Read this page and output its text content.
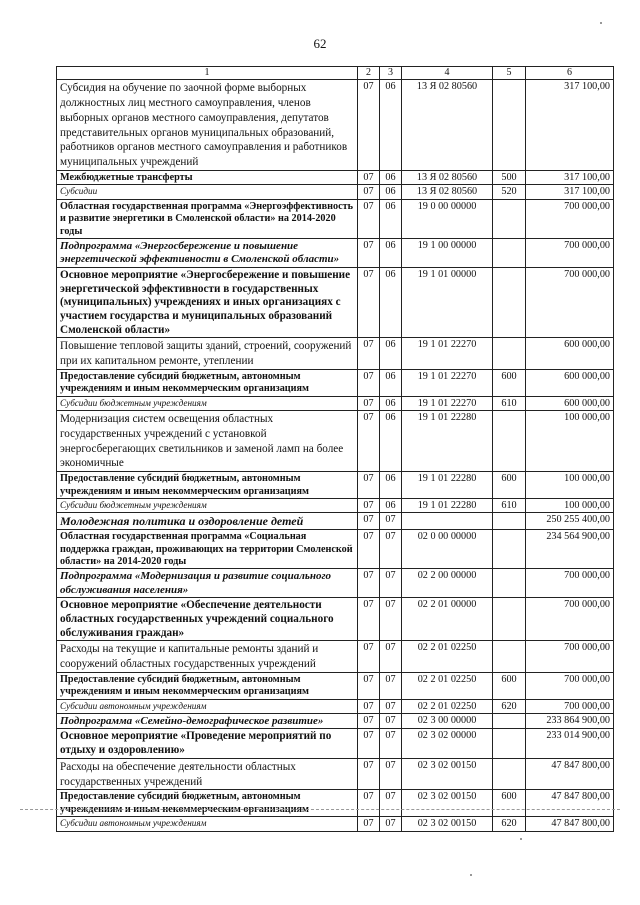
62
1	2	3	4	5	6
Субсидия на обучение по заочной форме выборных должностных лиц местного самоуправления, членов выборных органов местного самоуправления, депутатов представительных органов муниципальных образований, работников органов местного самоуправления и работников муниципальных учреждений	07	06	13 Я 02 80560		317 100,00
Межбюджетные трансферты	07	06	13 Я 02 80560	500	317 100,00
Субсидии	07	06	13 Я 02 80560	520	317 100,00
Областная государственная программа «Энергоэффективность и развитие энергетики в Смоленской области» на 2014-2020 годы	07	06	19 0 00 00000		700 000,00
Подпрограмма «Энергосбережение и повышение энергетической эффективности в Смоленской области»	07	06	19 1 00 00000		700 000,00
Основное мероприятие «Энергосбережение и повышение энергетической эффективности в государственных (муниципальных) учреждениях и иных организациях с участием государства и муниципальных образований Смоленской области»	07	06	19 1 01 00000		700 000,00
Повышение тепловой защиты зданий, строений, сооружений при их капитальном ремонте, утеплении	07	06	19 1 01 22270		600 000,00
Предоставление субсидий бюджетным, автономным учреждениям и иным некоммерческим организациям	07	06	19 1 01 22270	600	600 000,00
Субсидии бюджетным учреждениям	07	06	19 1 01 22270	610	600 000,00
Модернизация систем освещения областных государственных учреждений с установкой энергосберегающих светильников и заменой ламп на более экономичные	07	06	19 1 01 22280		100 000,00
Предоставление субсидий бюджетным, автономным учреждениям и иным некоммерческим организациям	07	06	19 1 01 22280	600	100 000,00
Субсидии бюджетным учреждениям	07	06	19 1 01 22280	610	100 000,00
Молодежная политика и оздоровление детей	07	07			250 255 400,00
Областная государственная программа «Социальная поддержка граждан, проживающих на территории Смоленской области» на 2014-2020 годы	07	07	02 0 00 00000		234 564 900,00
Подпрограмма «Модернизация и развитие социального обслуживания населения»	07	07	02 2 00 00000		700 000,00
Основное мероприятие «Обеспечение деятельности областных государственных учреждений социального обслуживания граждан»	07	07	02 2 01 00000		700 000,00
Расходы на текущие и капитальные ремонты зданий и сооружений областных государственных учреждений	07	07	02 2 01 02250		700 000,00
Предоставление субсидий бюджетным, автономным учреждениям и иным некоммерческим организациям	07	07	02 2 01 02250	600	700 000,00
Субсидии автономным учреждениям	07	07	02 2 01 02250	620	700 000,00
Подпрограмма «Семейно-демографическое развитие»	07	07	02 3 00 00000		233 864 900,00
Основное мероприятие «Проведение мероприятий по отдыху и оздоровлению»	07	07	02 3 02 00000		233 014 900,00
Расходы на обеспечение деятельности областных государственных учреждений	07	07	02 3 02 00150		47 847 800,00
Предоставление субсидий бюджетным, автономным учреждениям и иным некоммерческим организациям	07	07	02 3 02 00150	600	47 847 800,00
Субсидии автономным учреждениям	07	07	02 3 02 00150	620	47 847 800,00
